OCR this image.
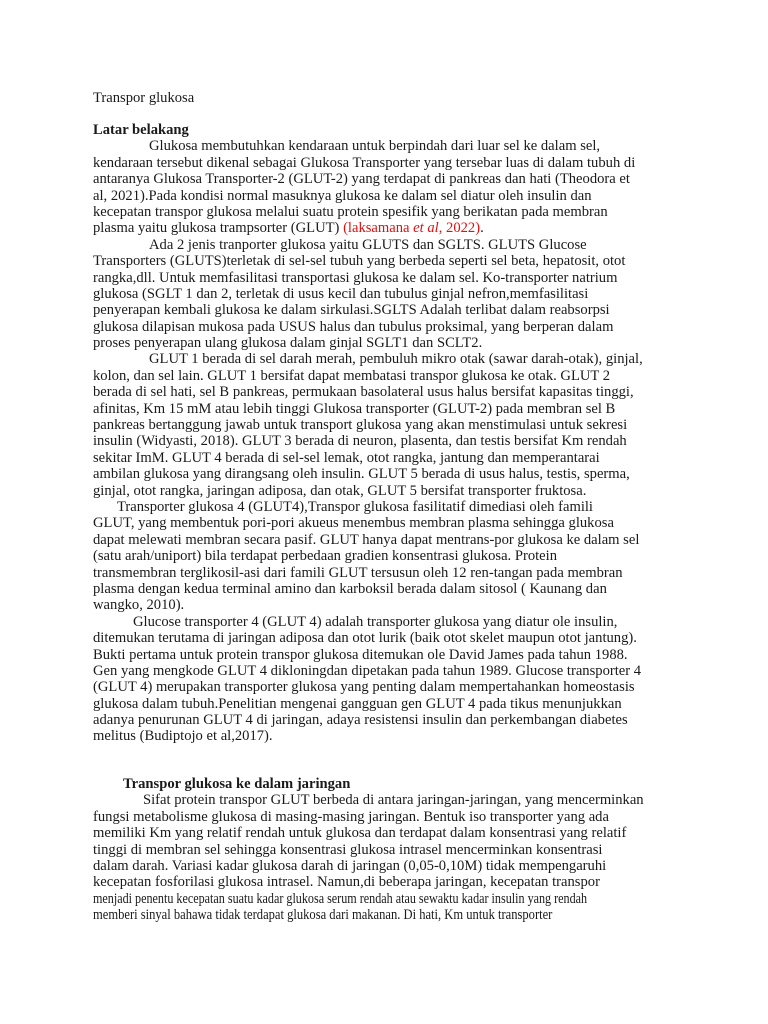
Transpor glukosa
Latar belakang
Glukosa membutuhkan kendaraan untuk berpindah dari luar sel ke dalam sel,
kendaraan tersebut dikenal sebagai Glukosa Transporter yang tersebar luas di dalam tubuh di
antaranya Glukosa Transporter-2 (GLUT-2) yang terdapat di pankreas dan hati (Theodora et
al, 2021).Pada kondisi normal masuknya glukosa ke dalam sel diatur oleh insulin dan
kecepatan transpor glukosa melalui suatu protein spesifik yang berikatan pada membran
plasma yaitu glukosa trampsorter (GLUT) (laksamana et al, 2022).
Ada 2 jenis tranporter glukosa yaitu GLUTS dan SGLTS. GLUTS Glucose
Transporters (GLUTS)terletak di sel-sel tubuh yang berbeda seperti sel beta, hepatosit, otot
rangka,dll. Untuk memfasilitasi transportasi glukosa ke dalam sel. Ko-transporter natrium
glukosa (SGLT 1 dan 2, terletak di usus kecil dan tubulus ginjal nefron,memfasilitasi
penyerapan kembali glukosa ke dalam sirkulasi.SGLTS Adalah terlibat dalam reabsorpsi
glukosa dilapisan mukosa pada USUS halus dan tubulus proksimal, yang berperan dalam
proses penyerapan ulang glukosa dalam ginjal SGLT1 dan SCLT2.
GLUT 1 berada di sel darah merah, pembuluh mikro otak (sawar darah-otak), ginjal,
kolon, dan sel lain. GLUT 1 bersifat dapat membatasi transpor glukosa ke otak. GLUT 2
berada di sel hati, sel B pankreas, permukaan basolateral usus halus bersifat kapasitas tinggi,
afinitas, Km 15 mM atau lebih tinggi Glukosa transporter (GLUT-2) pada membran sel B
pankreas bertanggung jawab untuk transport glukosa yang akan menstimulasi untuk sekresi
insulin (Widyasti, 2018). GLUT 3 berada di neuron, plasenta, dan testis bersifat Km rendah
sekitar ImM. GLUT 4 berada di sel-sel lemak, otot rangka, jantung dan memperantarai
ambilan glukosa yang dirangsang oleh insulin. GLUT 5 berada di usus halus, testis, sperma,
ginjal, otot rangka, jaringan adiposa, dan otak, GLUT 5 bersifat transporter fruktosa.
Transporter glukosa 4 (GLUT4),Transpor glukosa fasilitatif dimediasi oleh famili
GLUT, yang membentuk pori-pori akueus menembus membran plasma sehingga glukosa
dapat melewati membran secara pasif. GLUT hanya dapat mentrans-por glukosa ke dalam sel
(satu arah/uniport) bila terdapat perbedaan gradien konsentrasi glukosa. Protein
transmembran terglikosil-asi dari famili GLUT tersusun oleh 12 ren-tangan pada membran
plasma dengan kedua terminal amino dan karboksil berada dalam sitosol ( Kaunang dan
wangko, 2010).
Glucose transporter 4 (GLUT 4) adalah transporter glukosa yang diatur ole insulin,
ditemukan terutama di jaringan adiposa dan otot lurik (baik otot skelet maupun otot jantung).
Bukti pertama untuk protein transpor glukosa ditemukan ole David James pada tahun 1988.
Gen yang mengkode GLUT 4 dikloningdan dipetakan pada tahun 1989. Glucose transporter 4
(GLUT 4) merupakan transporter glukosa yang penting dalam mempertahankan homeostasis
glukosa dalam tubuh.Penelitian mengenai gangguan gen GLUT 4 pada tikus menunjukkan
adanya penurunan GLUT 4 di jaringan, adaya resistensi insulin dan perkembangan diabetes
melitus (Budiptojo et al,2017).
Transpor glukosa ke dalam jaringan
Sifat protein transpor GLUT berbeda di antara jaringan-jaringan, yang mencerminkan
fungsi metabolisme glukosa di masing-masing jaringan. Bentuk iso transporter yang ada
memiliki Km yang relatif rendah untuk glukosa dan terdapat dalam konsentrasi yang relatif
tinggi di membran sel sehingga konsentrasi glukosa intrasel mencerminkan konsentrasi
dalam darah. Variasi kadar glukosa darah di jaringan (0,05-0,10M) tidak mempengaruhi
kecepatan fosforilasi glukosa intrasel. Namun,di beberapa jaringan, kecepatan transpor
menjadi penentu kecepatan suatu kadar glukosa serum rendah atau sewaktu kadar insulin yang rendah
memberi sinyal bahawa tidak terdapat glukosa dari makanan. Di hati, Km untuk transporter
